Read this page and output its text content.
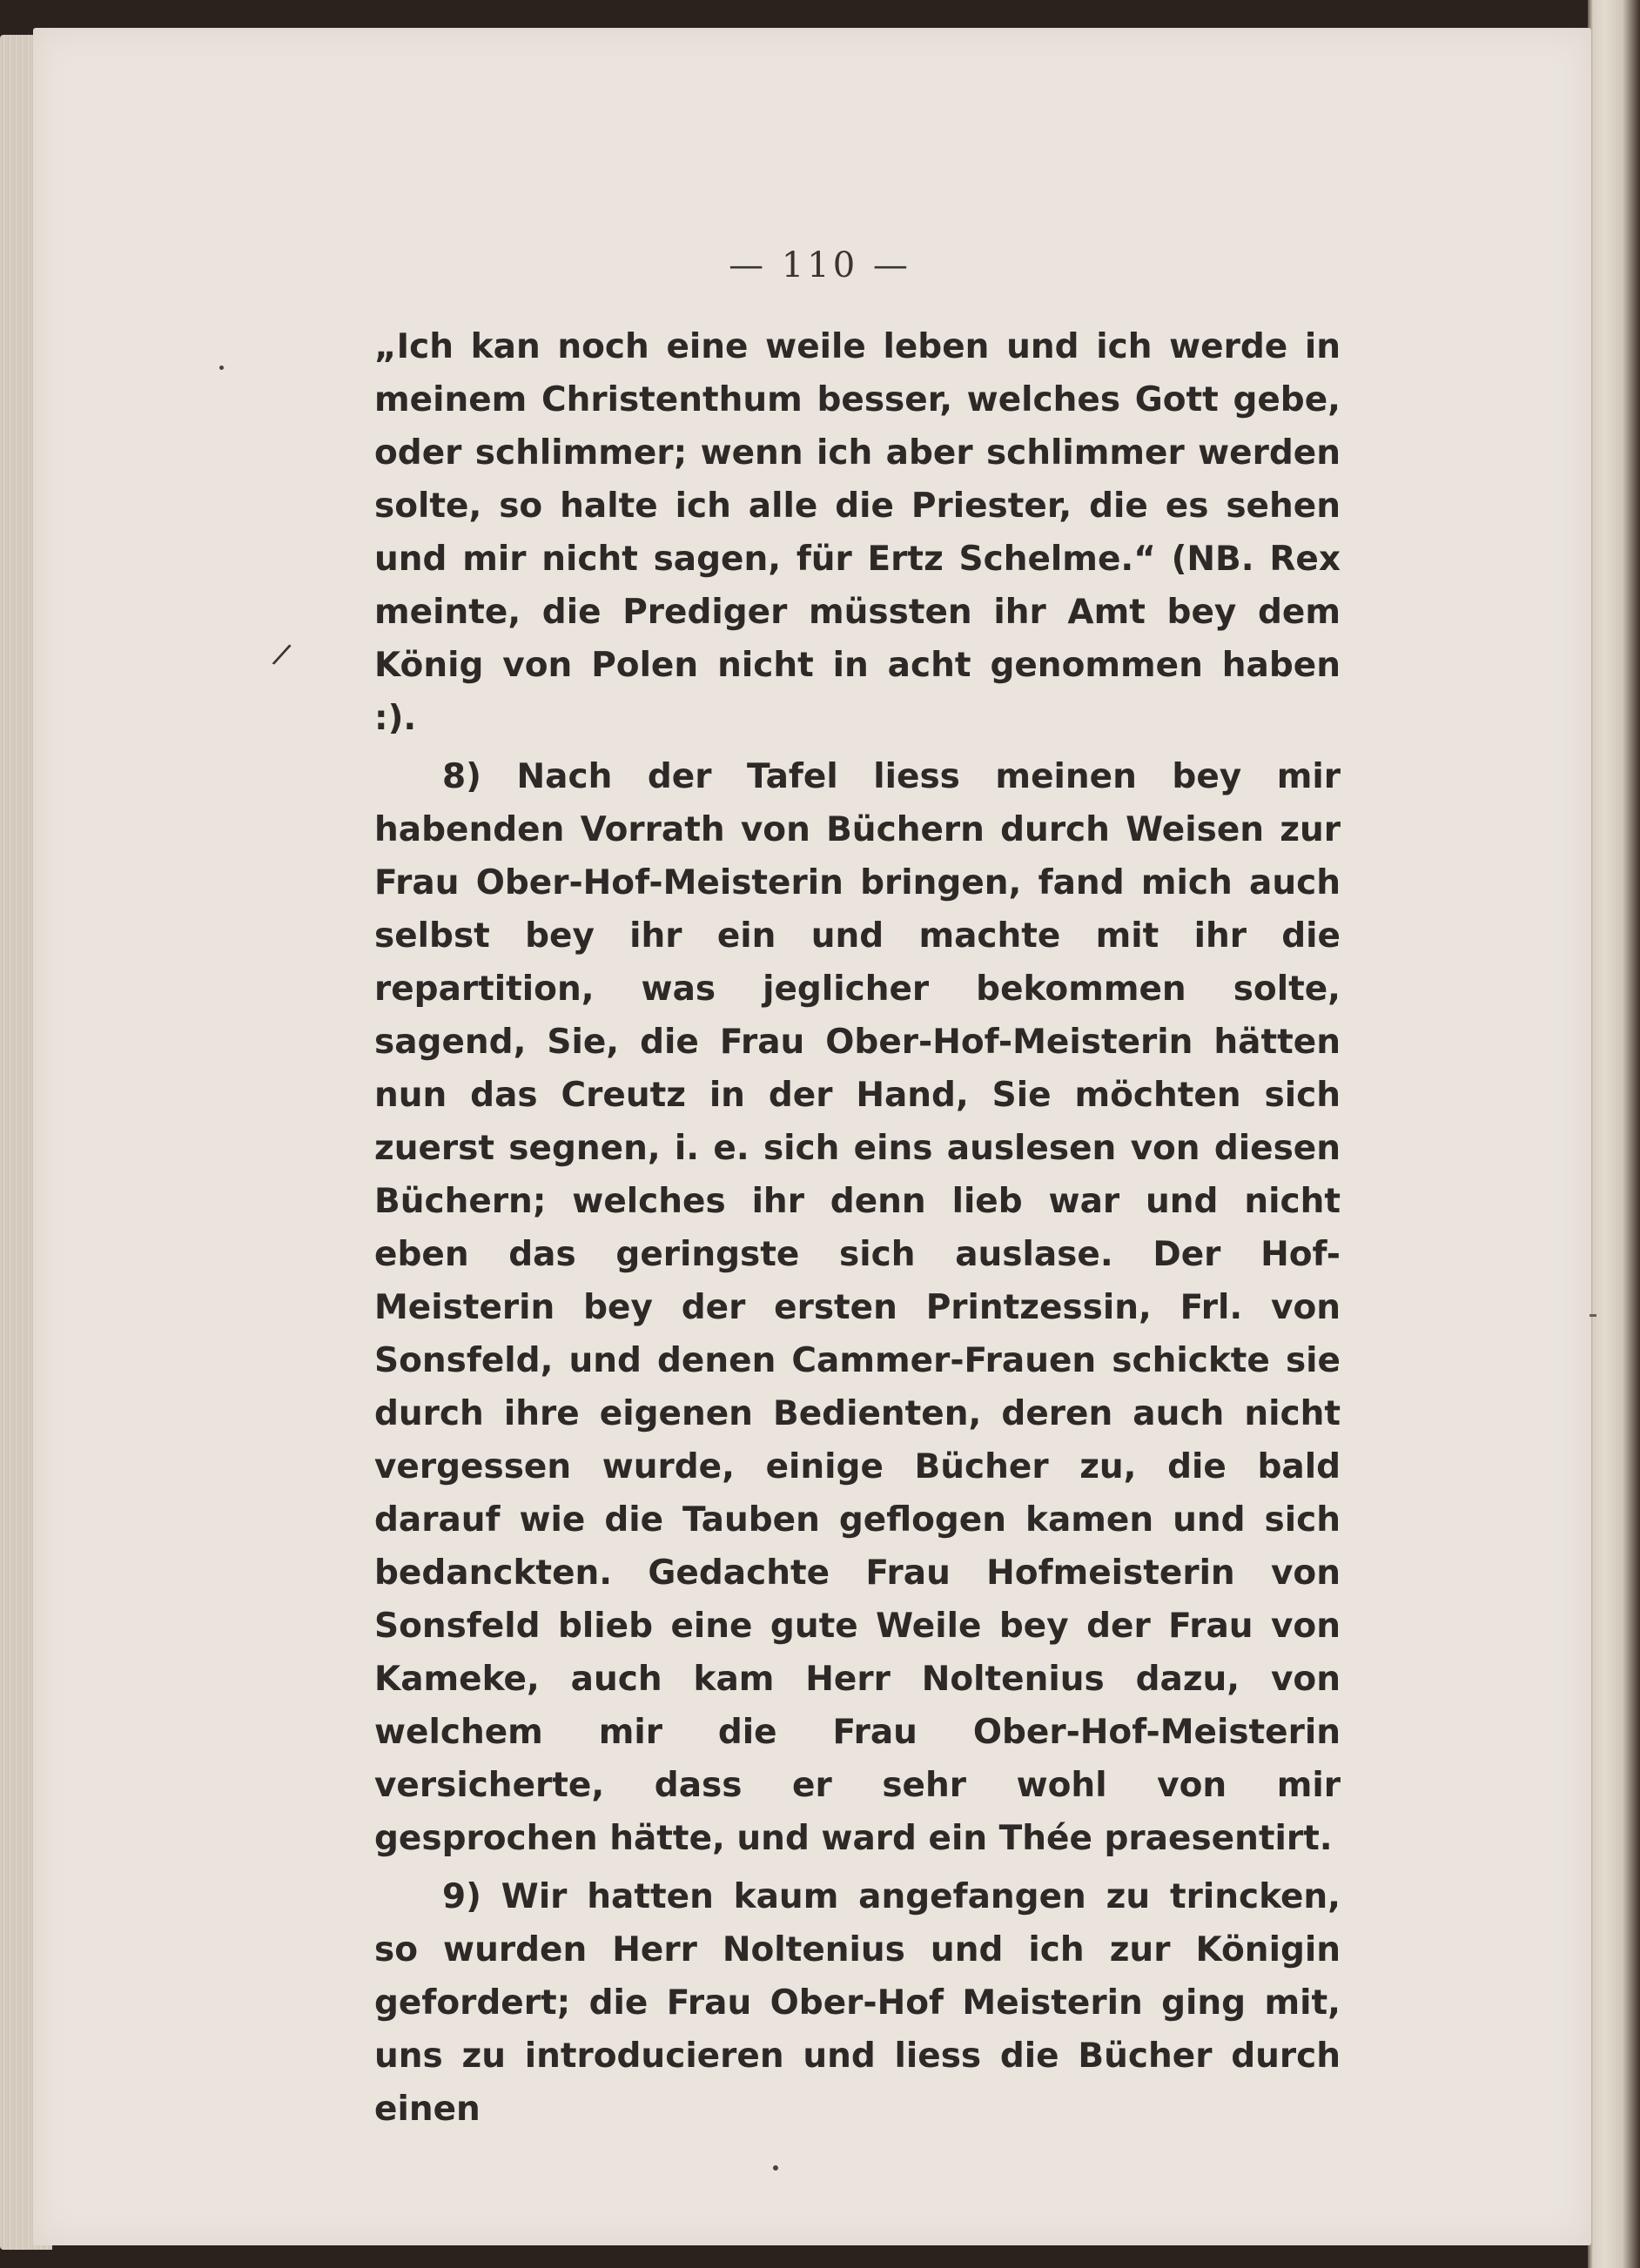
— 110 —

„Ich kan noch eine weile leben und ich werde in meinem Christenthum besser, welches Gott gebe, oder schlimmer; wenn ich aber schlimmer werden solte, so halte ich alle die Priester, die es sehen und mir nicht sagen, für Ertz Schelme.“ (NB. Rex meinte, die Prediger müssten ihr Amt bey dem König von Polen nicht in acht genommen haben :).

8) Nach der Tafel liess meinen bey mir habenden Vorrath von Büchern durch Weisen zur Frau Ober-Hof-Meisterin bringen, fand mich auch selbst bey ihr ein und machte mit ihr die repartition, was jeglicher bekommen solte, sagend, Sie, die Frau Ober-Hof-Meisterin hätten nun das Creutz in der Hand, Sie möchten sich zuerst segnen, i. e. sich eins auslesen von diesen Büchern; welches ihr denn lieb war und nicht eben das geringste sich auslase. Der Hof-Meisterin bey der ersten Printzessin, Frl. von Sonsfeld, und denen Cammer-Frauen schickte sie durch ihre eigenen Bedienten, deren auch nicht vergessen wurde, einige Bücher zu, die bald darauf wie die Tauben geflogen kamen und sich bedanckten. Gedachte Frau Hofmeisterin von Sonsfeld blieb eine gute Weile bey der Frau von Kameke, auch kam Herr Noltenius dazu, von welchem mir die Frau Ober-Hof-Meisterin versicherte, dass er sehr wohl von mir gesprochen hätte, und ward ein Thée praesentirt.

9) Wir hatten kaum angefangen zu trincken, so wurden Herr Noltenius und ich zur Königin gefordert; die Frau Ober-Hof Meisterin ging mit, uns zu introducieren und liess die Bücher durch einen

/
